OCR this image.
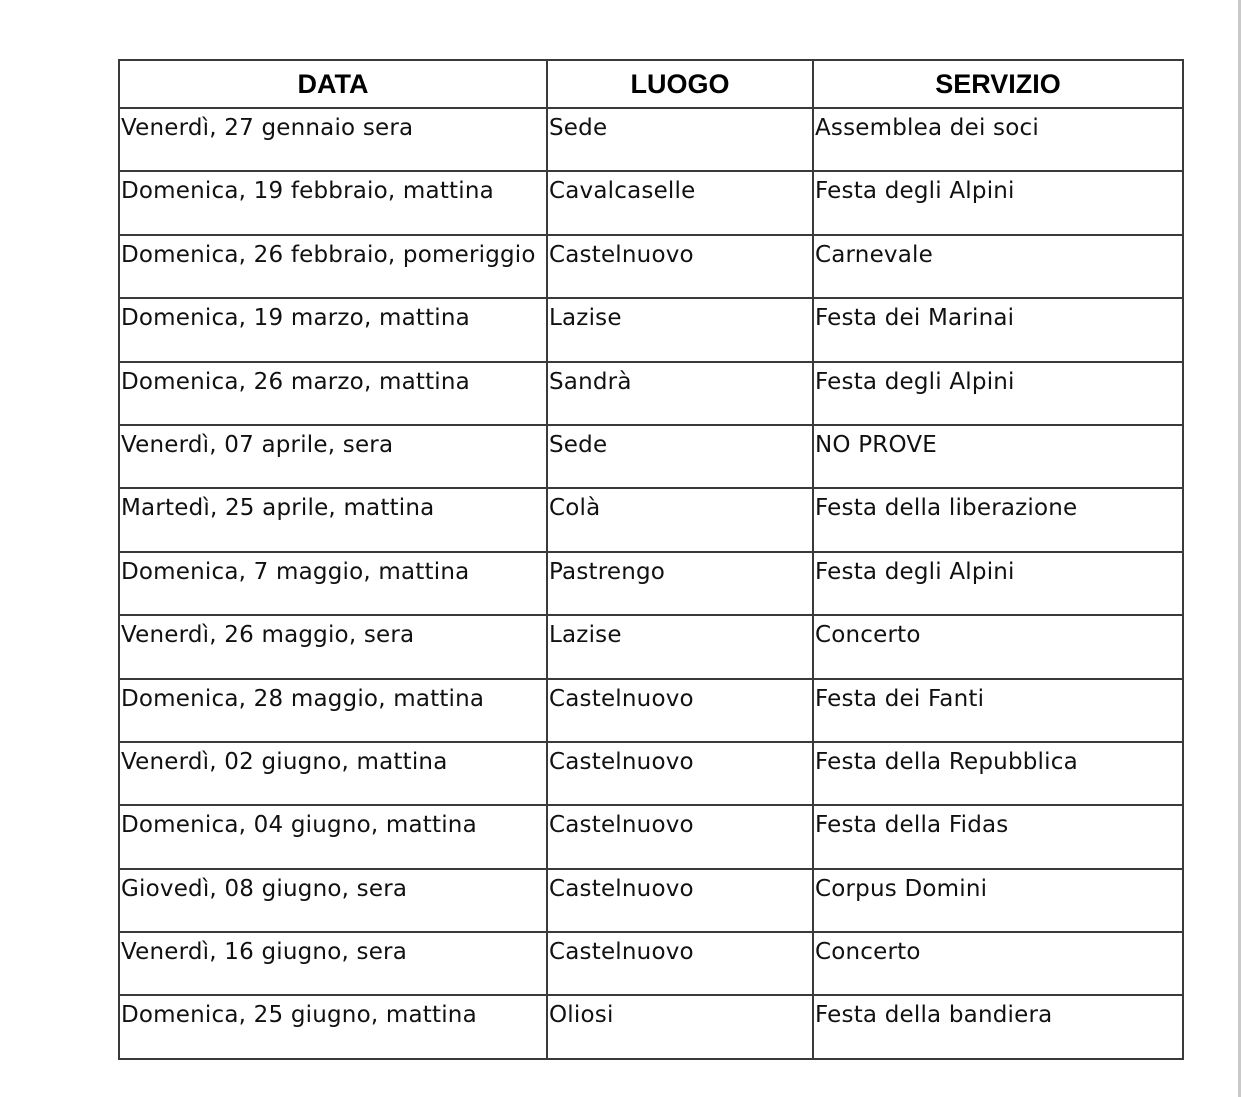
DATA	LUOGO	SERVIZIO
Venerdì, 27 gennaio sera	Sede	Assemblea dei soci
Domenica, 19 febbraio, mattina	Cavalcaselle	Festa degli Alpini
Domenica, 26 febbraio, pomeriggio	Castelnuovo	Carnevale
Domenica, 19 marzo, mattina	Lazise	Festa dei Marinai
Domenica, 26 marzo, mattina	Sandrà	Festa degli Alpini
Venerdì, 07 aprile, sera	Sede	NO PROVE
Martedì, 25 aprile, mattina	Colà	Festa della liberazione
Domenica, 7 maggio, mattina	Pastrengo	Festa degli Alpini
Venerdì, 26 maggio, sera	Lazise	Concerto
Domenica, 28 maggio, mattina	Castelnuovo	Festa dei Fanti
Venerdì, 02 giugno, mattina	Castelnuovo	Festa della Repubblica
Domenica, 04 giugno, mattina	Castelnuovo	Festa della Fidas
Giovedì, 08 giugno, sera	Castelnuovo	Corpus Domini
Venerdì, 16 giugno, sera	Castelnuovo	Concerto
Domenica, 25 giugno, mattina	Oliosi	Festa della bandiera
